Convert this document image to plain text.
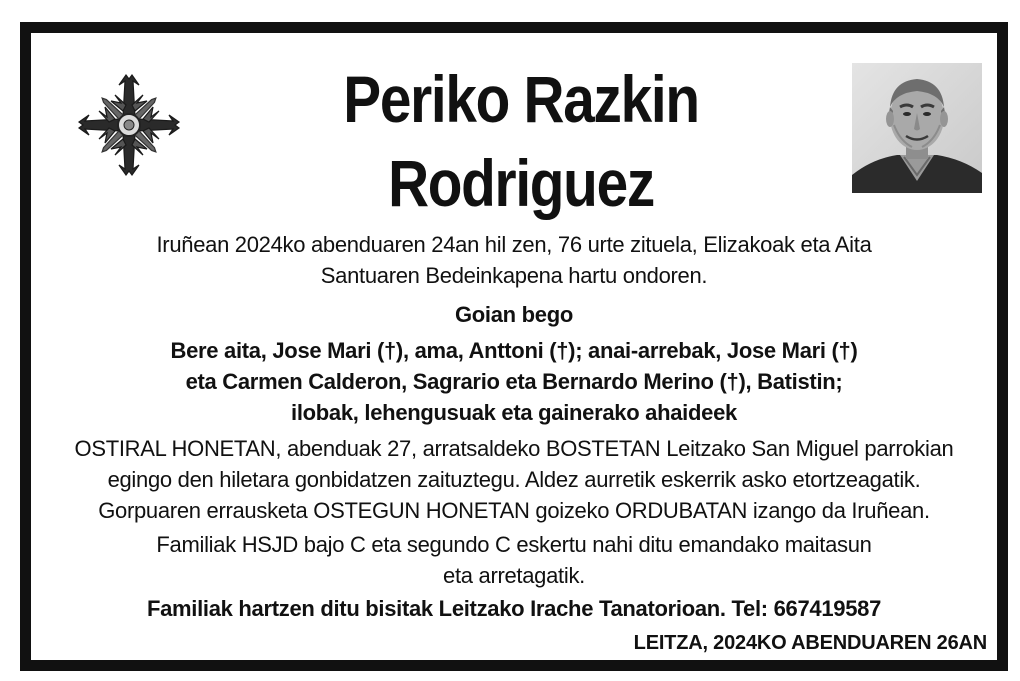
Periko Razkin
Rodriguez
Iruñean 2024ko abenduaren 24an hil zen, 76 urte zituela, Elizakoak eta Aita
Santuaren Bedeinkapena hartu ondoren.
Goian bego
Bere aita, Jose Mari (†), ama, Anttoni (†); anai-arrebak, Jose Mari (†)
eta Carmen Calderon, Sagrario eta Bernardo Merino (†), Batistin;
ilobak, lehengusuak eta gainerako ahaideek
OSTIRAL HONETAN, abenduak 27, arratsaldeko BOSTETAN Leitzako San Miguel parrokian
egingo den hiletara gonbidatzen zaituztegu. Aldez aurretik eskerrik asko etortzeagatik.
Gorpuaren errausketa OSTEGUN HONETAN goizeko ORDUBATAN izango da Iruñean.
Familiak HSJD bajo C eta segundo C eskertu nahi ditu emandako maitasun
eta arretagatik.
Familiak hartzen ditu bisitak Leitzako Irache Tanatorioan. Tel: 667419587
LEITZA, 2024KO ABENDUAREN 26AN
